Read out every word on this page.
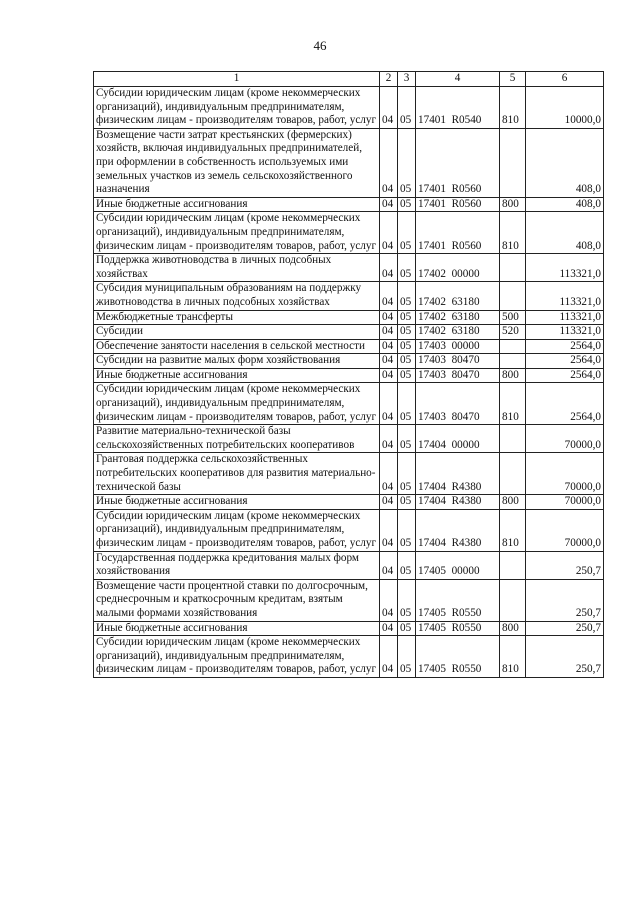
46
1	2	3	4	5	6
Субсидии юридическим лицам (кроме некоммерческих организаций), индивидуальным предпринимателям, физическим лицам - производителям товаров, работ, услуг	04	05	17401  R0540	810	10000,0
Возмещение части затрат крестьянских (фермерских) хозяйств, включая индивидуальных предпринимателей, при оформлении в собственность используемых ими земельных участков из земель сельскохозяйственного назначения	04	05	17401  R0560		408,0
Иные бюджетные ассигнования	04	05	17401  R0560	800	408,0
Субсидии юридическим лицам (кроме некоммерческих организаций), индивидуальным предпринимателям, физическим лицам - производителям товаров, работ, услуг	04	05	17401  R0560	810	408,0
Поддержка животноводства в личных подсобных хозяйствах	04	05	17402  00000		113321,0
Субсидия муниципальным образованиям на поддержку животноводства в личных подсобных хозяйствах	04	05	17402  63180		113321,0
Межбюджетные трансферты	04	05	17402  63180	500	113321,0
Субсидии	04	05	17402  63180	520	113321,0
Обеспечение занятости населения в сельской местности	04	05	17403  00000		2564,0
Субсидии на развитие малых форм хозяйствования	04	05	17403  80470		2564,0
Иные бюджетные ассигнования	04	05	17403  80470	800	2564,0
Субсидии юридическим лицам (кроме некоммерческих организаций), индивидуальным предпринимателям, физическим лицам - производителям товаров, работ, услуг	04	05	17403  80470	810	2564,0
Развитие материально-технической базы сельскохозяйственных потребительских кооперативов	04	05	17404  00000		70000,0
Грантовая поддержка сельскохозяйственных потребительских кооперативов для развития материально-технической базы	04	05	17404  R4380		70000,0
Иные бюджетные ассигнования	04	05	17404  R4380	800	70000,0
Субсидии юридическим лицам (кроме некоммерческих организаций), индивидуальным предпринимателям, физическим лицам - производителям товаров, работ, услуг	04	05	17404  R4380	810	70000,0
Государственная поддержка кредитования малых форм хозяйствования	04	05	17405  00000		250,7
Возмещение части процентной ставки по долгосрочным, среднесрочным и краткосрочным кредитам, взятым малыми формами хозяйствования	04	05	17405  R0550		250,7
Иные бюджетные ассигнования	04	05	17405  R0550	800	250,7
Субсидии юридическим лицам (кроме некоммерческих организаций), индивидуальным предпринимателям, физическим лицам - производителям товаров, работ, услуг	04	05	17405  R0550	810	250,7
